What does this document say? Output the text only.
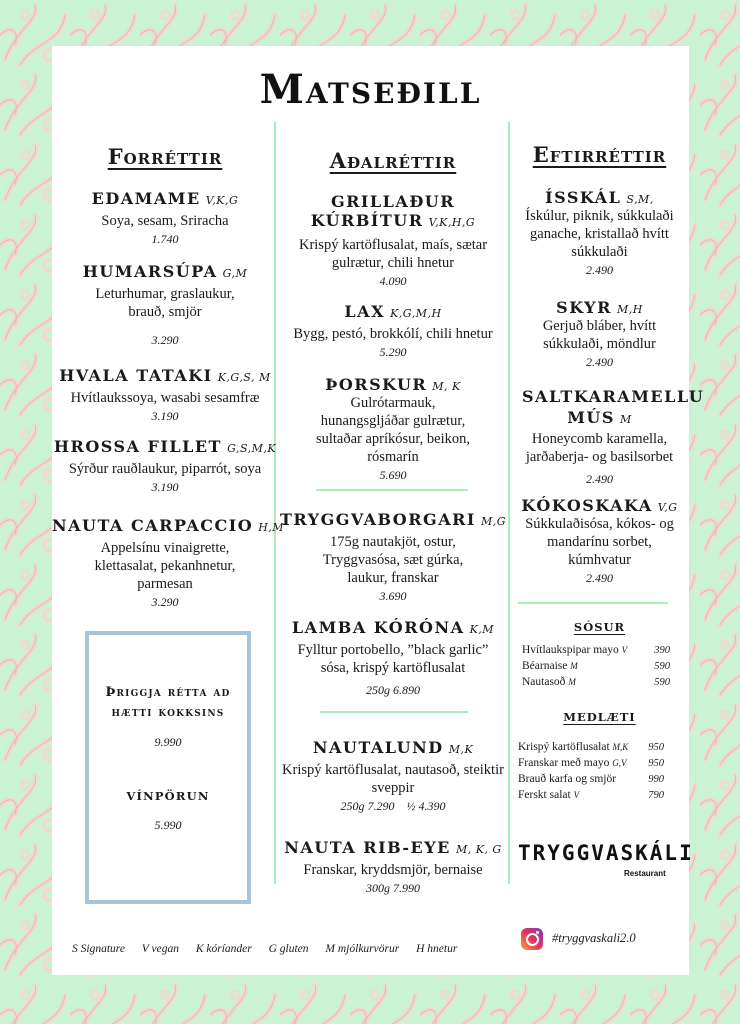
Matseðill
Forréttir
EDAMAME V,K,G
Soya, sesam, Sriracha
1.740
HUMARSÚPA G,M
Leturhumar, graslaukur, brauð, smjör
3.290
HVALA TATAKI K,G,S, M
Hvítlaukssoya, wasabi sesamfræ
3.190
HROSSA FILLET G,S,M,K
Sýrður rauðlaukur, piparrót, soya
3.190
NAUTA CARPACCIO H,M
Appelsínu vinaigrette, klettasalat, pekanhnetur, parmesan
3.290
Þriggja rétta ad hætti kokksins
9.990
VÍNPÖRUN
5.990
Aðalréttir
GRILLAÐUR KÚRBÍTUR V,K,H,G
Krispý kartöflusalat, maís, sætar gulrætur, chili hnetur
4.090
LAX K,G,M,H
Bygg, pestó, brokkólí, chili hnetur
5.290
ÞORSKUR M, K
Gulrótarmauk, hunangsgljáðar gulrætur, sultaðar apríkósur, beikon, rósmarín
5.690
TRYGGVABORGARI M,G
175g nautakjöt, ostur, Tryggvasósa, sæt gúrka, laukur, franskar
3.690
LAMBA KÓRÓNA K,M
Fylltur portobello, ”black garlic” sósa, krispý kartöflusalat
250g 6.890
NAUTALUND M,K
Krispý kartöflusalat, nautasoð, steiktir sveppir
250g 7.290    ½ 4.390
NAUTA RIB-EYE M, K, G
Franskar, kryddsmjör, bernaise
300g 7.990
Eftirréttir
ÍSSKÁL S,M,
Ískúlur, piknik, súkkulaði ganache, kristallað hvítt súkkulaði
2.490
SKYR M,H
Gerjuð bláber, hvítt súkkulaði, möndlur
2.490
SALTKARAMELLU MÚS M
Honeycomb karamella, jarðaberja- og basilsorbet
2.490
KÓKOSKAKA V,G
Súkkulaðisósa, kókos- og mandarínu sorbet, kúmhvatur
2.490
SÓSUR
Hvítlaukspipar mayo V	390
Béarnaise M	590
Nautasoð M	590
MEDLÆTI
Krispý kartöflusalat M,K 950
Franskar með mayo G,V 950
Brauð karfa og smjör	990
Ferskt salat V	790
TRYGGVASKÁLI
Restaurant
S Signature V vegan K kóríander G gluten M mjólkurvörur H hnetur
#tryggvaskali2.0
